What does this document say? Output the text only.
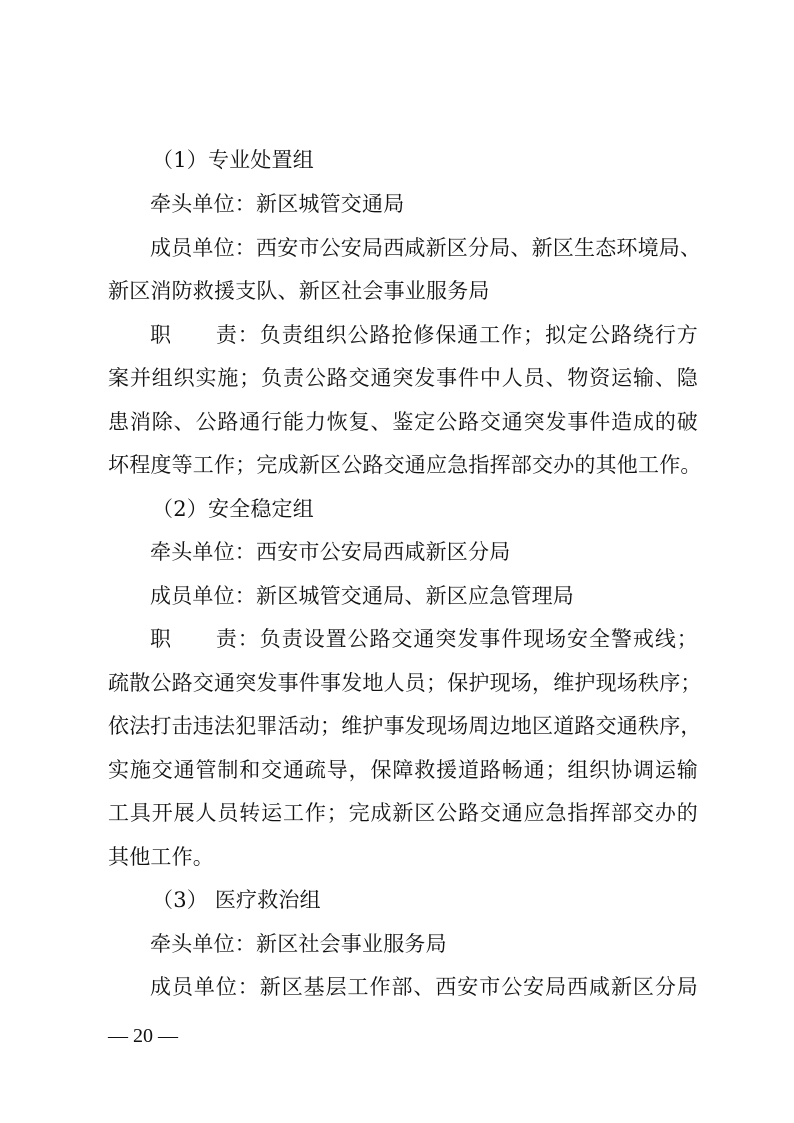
（1）专业处置组
牵头单位：新区城管交通局
成员单位：西安市公安局西咸新区分局、新区生态环境局、
新区消防救援支队、新区社会事业服务局
职　　责：负责组织公路抢修保通工作；拟定公路绕行方
案并组织实施；负责公路交通突发事件中人员、物资运输、隐
患消除、公路通行能力恢复、鉴定公路交通突发事件造成的破
坏程度等工作；完成新区公路交通应急指挥部交办的其他工作。
（2）安全稳定组
牵头单位：西安市公安局西咸新区分局
成员单位：新区城管交通局、新区应急管理局
职　　责：负责设置公路交通突发事件现场安全警戒线；
疏散公路交通突发事件事发地人员；保护现场，维护现场秩序；
依法打击违法犯罪活动；维护事发现场周边地区道路交通秩序，
实施交通管制和交通疏导，保障救援道路畅通；组织协调运输
工具开展人员转运工作；完成新区公路交通应急指挥部交办的
其他工作。
（3） 医疗救治组
牵头单位：新区社会事业服务局
成员单位：新区基层工作部、西安市公安局西咸新区分局
— 20 —
